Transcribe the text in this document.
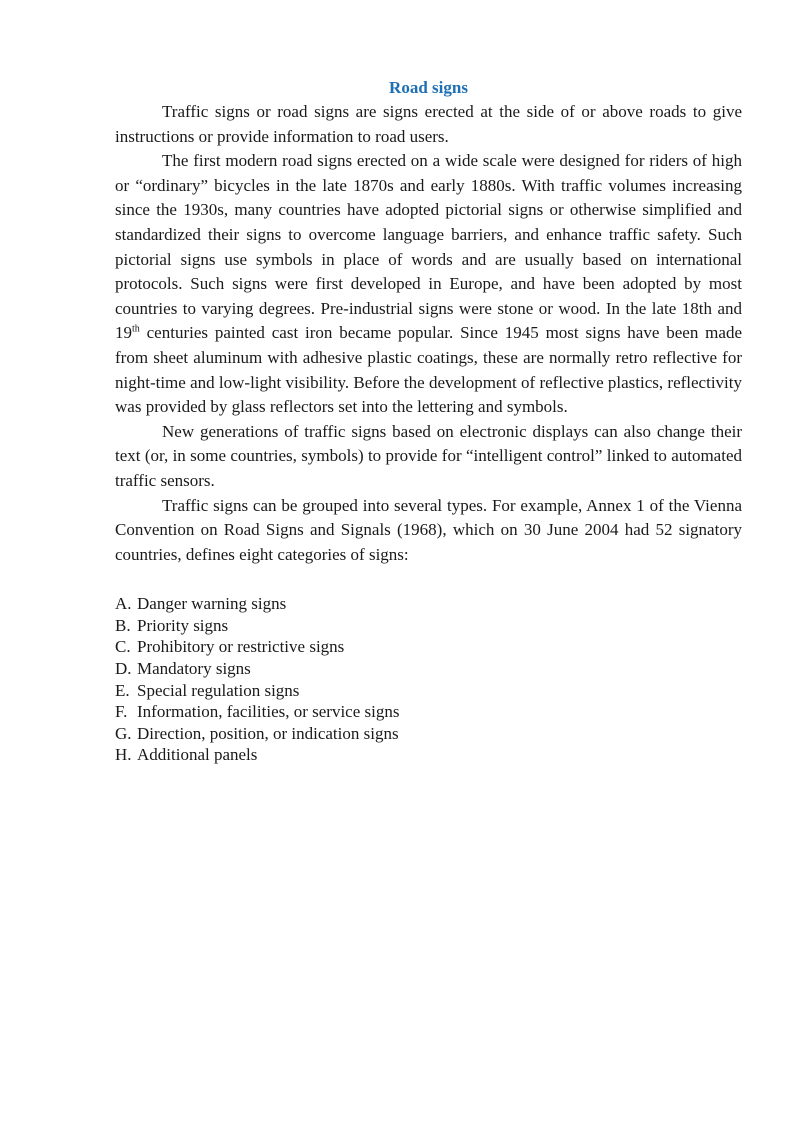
Road signs

Traffic signs or road signs are signs erected at the side of or above roads to give instructions or provide information to road users.

The first modern road signs erected on a wide scale were designed for riders of high or “ordinary” bicycles in the late 1870s and early 1880s. With traffic volumes increasing since the 1930s, many countries have adopted pictorial signs or otherwise simplified and standardized their signs to overcome language barriers, and enhance traffic safety. Such pictorial signs use symbols in place of words and are usually based on international protocols. Such signs were first developed in Europe, and have been adopted by most countries to varying degrees. Pre-industrial signs were stone or wood. In the late 18th and 19th centuries painted cast iron became popular. Since 1945 most signs have been made from sheet aluminum with adhesive plastic coatings, these are normally retro reflective for night-time and low-light visibility. Before the development of reflective plastics, reflectivity was provided by glass reflectors set into the lettering and symbols.

New generations of traffic signs based on electronic displays can also change their text (or, in some countries, symbols) to provide for “intelligent control” linked to automated traffic sensors.

Traffic signs can be grouped into several types. For example, Annex 1 of the Vienna Convention on Road Signs and Signals (1968), which on 30 June 2004 had 52 signatory countries, defines eight categories of signs:

A. Danger warning signs
B. Priority signs
C. Prohibitory or restrictive signs
D. Mandatory signs
E. Special regulation signs
F. Information, facilities, or service signs
G. Direction, position, or indication signs
H. Additional panels
